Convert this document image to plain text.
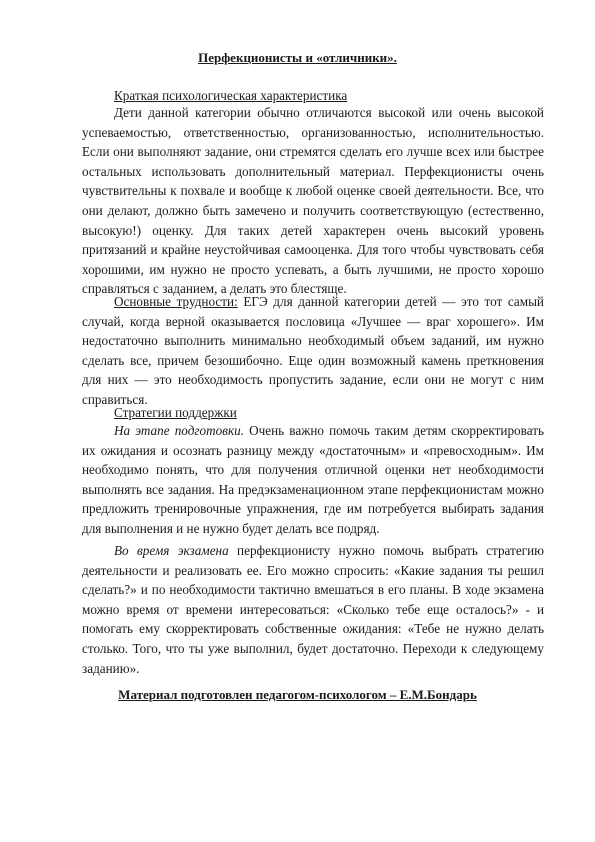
Перфекционисты и «отличники».
Краткая психологическая характеристика

Дети данной категории обычно отличаются высокой или очень высокой успеваемостью, ответственностью, организованностью, исполнительностью. Если они выполняют задание, они стремятся сделать его лучше всех или быстрее остальных использовать дополнительный материал. Перфекционисты очень чувствительны к похвале и вообще к любой оценке своей деятельности. Все, что они делают, должно быть замечено и получить соответствующую (естественно, высокую!) оценку. Для таких детей характерен очень высокий уровень притязаний и крайне неустойчивая самооценка. Для того чтобы чувствовать себя хорошими, им нужно не просто успевать, а быть лучшими, не просто хорошо справляться с заданием, а делать это блестяще.

Основные трудности: ЕГЭ для данной категории детей — это тот самый случай, когда верной оказывается пословица «Лучшее — враг хорошего». Им недостаточно выполнить минимально необходимый объем заданий, им нужно сделать все, причем безошибочно. Еще один возможный камень преткновения для них — это необходимость пропустить задание, если они не могут с ним справиться.

Стратегии поддержки

На этапе подготовки. Очень важно помочь таким детям скорректировать их ожидания и осознать разницу между «достаточным» и «превосходным». Им необходимо понять, что для получения отличной оценки нет необходимости выполнять все задания. На предэкзаменационном этапе перфекционистам можно предложить тренировочные упражнения, где им потребуется выбирать задания для выполнения и не нужно будет делать все подряд.

Во время экзамена перфекционисту нужно помочь выбрать стратегию деятельности и реализовать ее. Его можно спросить: «Какие задания ты решил сделать?» и по необходимости тактично вмешаться в его планы. В ходе экзамена можно время от времени интересоваться: «Сколько тебе еще осталось?» - и помогать ему скорректировать собственные ожидания: «Тебе не нужно делать столько. Того, что ты уже выполнил, будет достаточно. Переходи к следующему заданию».

Материал подготовлен педагогом-психологом – Е.М.Бондарь
